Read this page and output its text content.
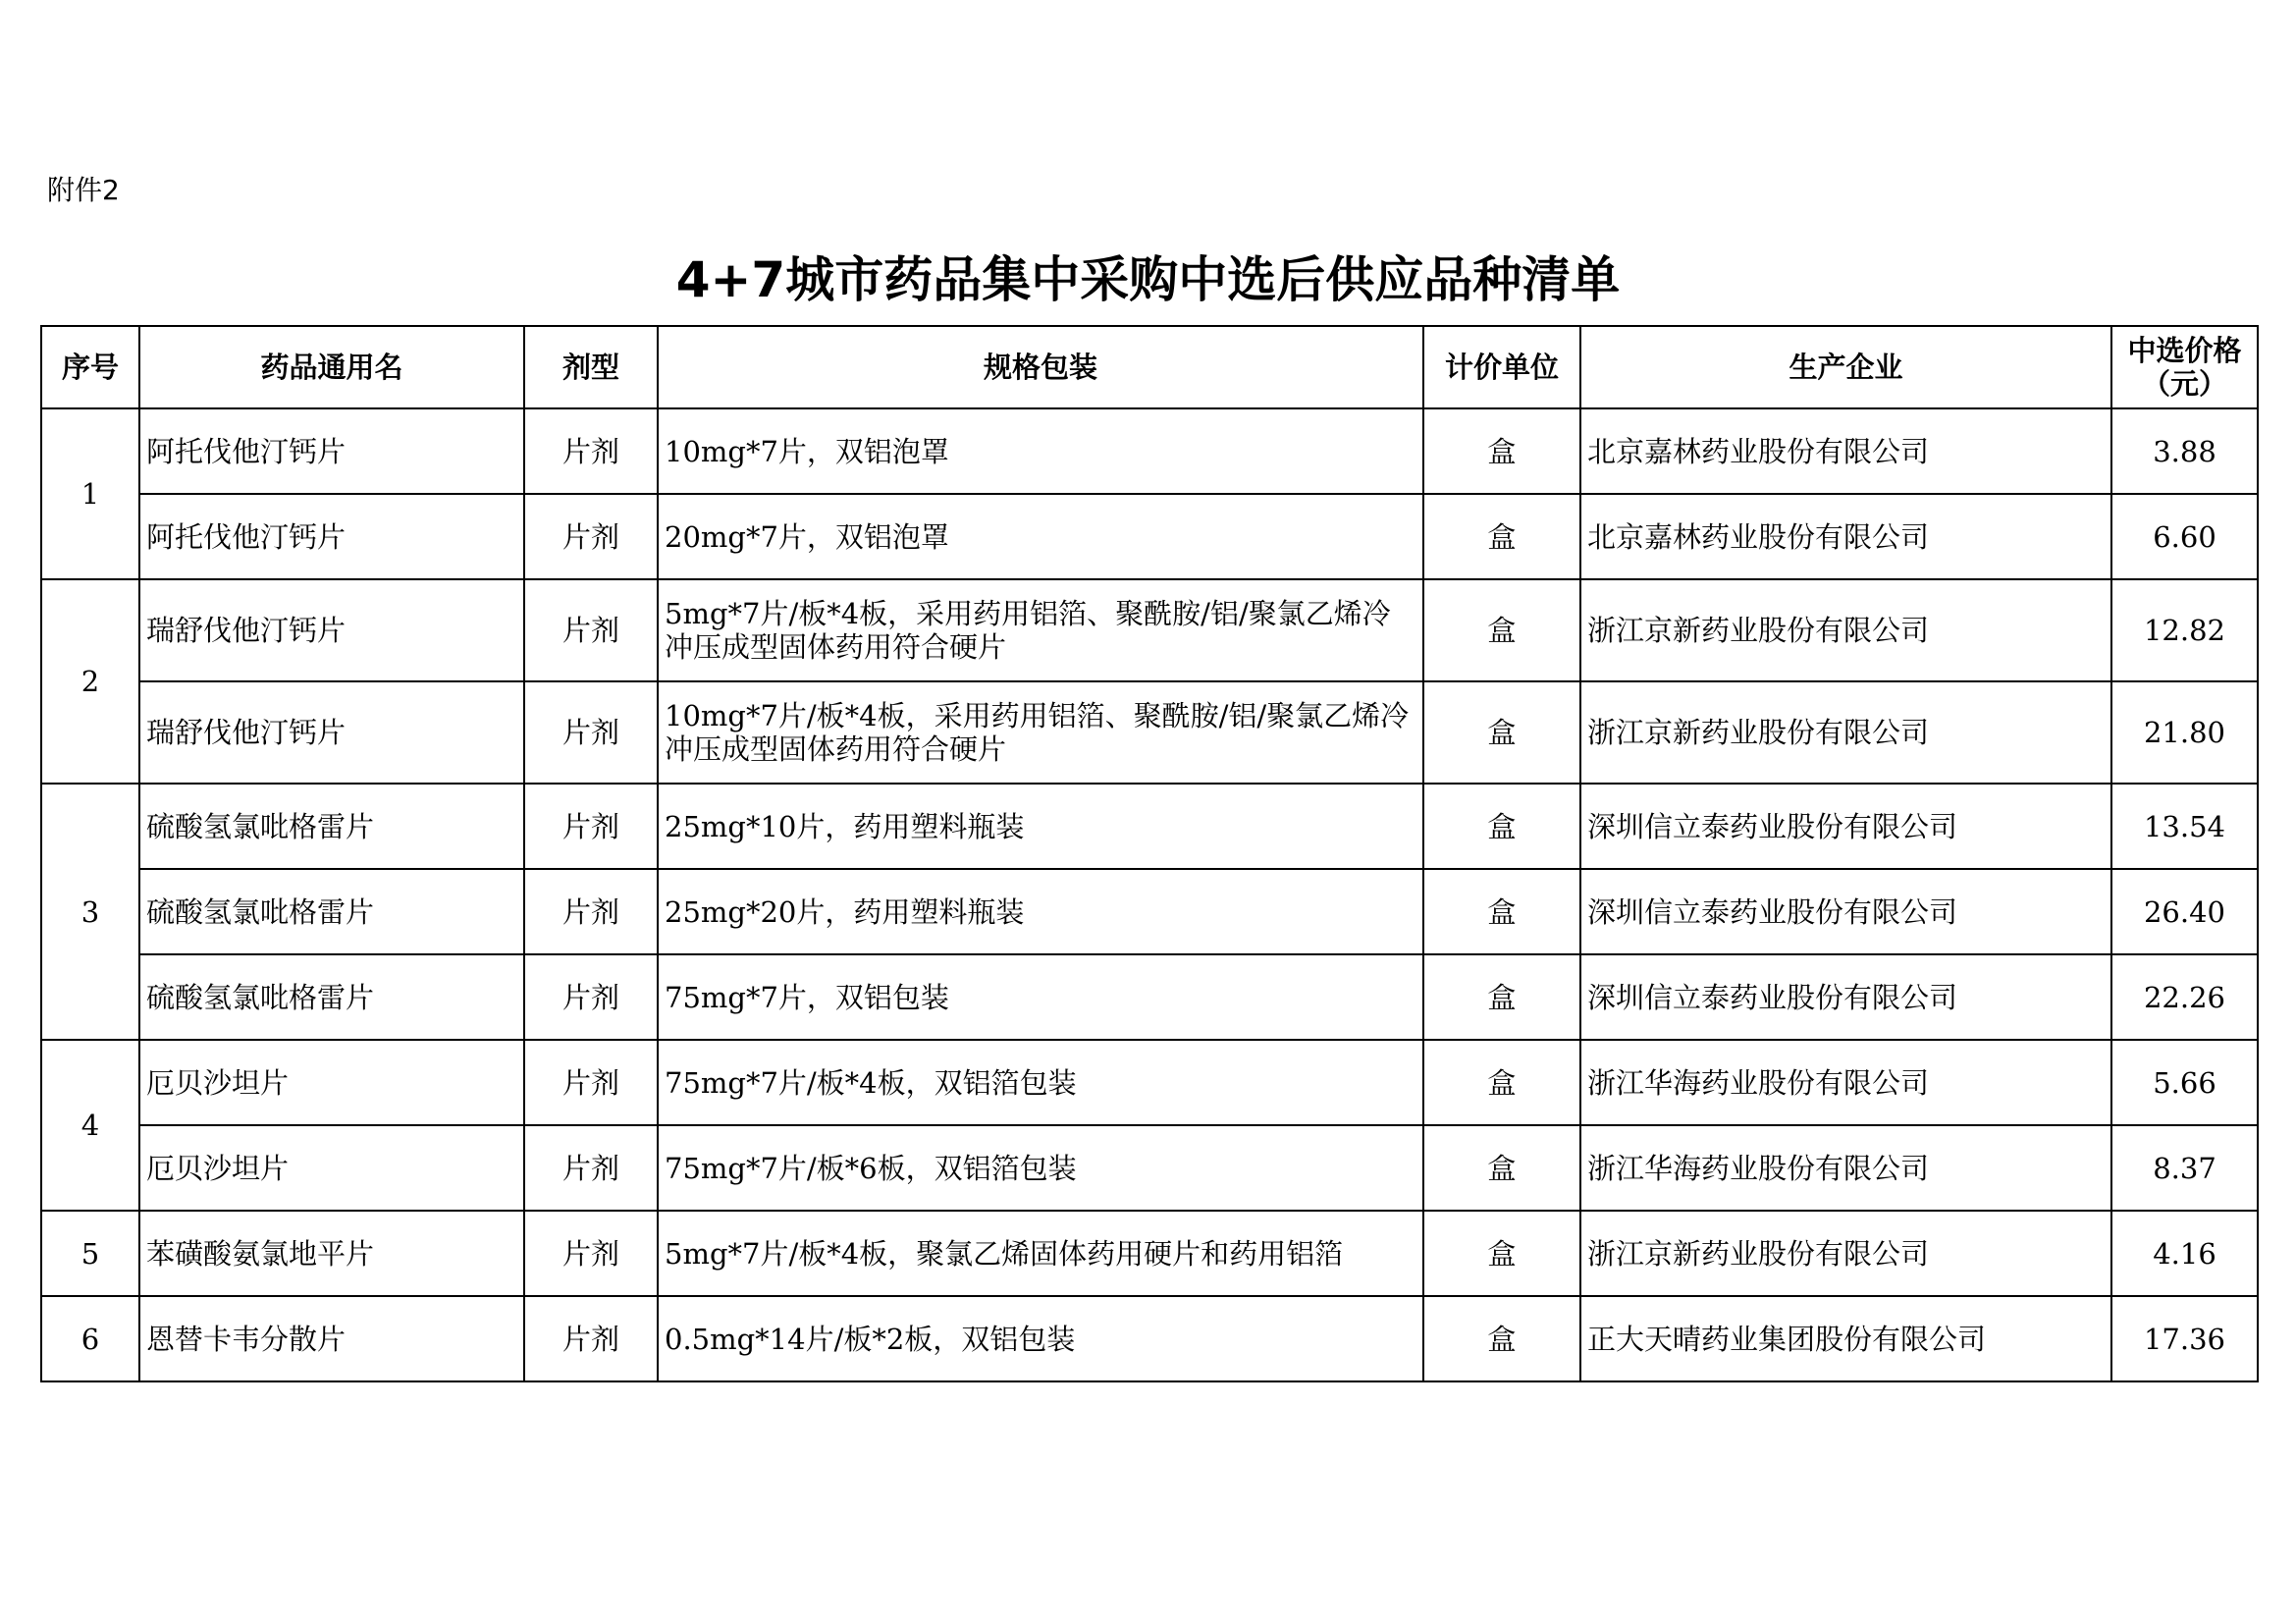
附件2
4+7城市药品集中采购中选后供应品种清单
序号	药品通用名	剂型	规格包装	计价单位	生产企业	中选价格
（元）

1	阿托伐他汀钙片	片剂	10mg*7片，双铝泡罩	盒	北京嘉林药业股份有限公司	3.88
	阿托伐他汀钙片	片剂	20mg*7片，双铝泡罩	盒	北京嘉林药业股份有限公司	6.60
2	瑞舒伐他汀钙片	片剂	5mg*7片/板*4板，采用药用铝箔、聚酰胺/铝/聚氯乙烯冷冲压成型固体药用符合硬片	盒	浙江京新药业股份有限公司	12.82
	瑞舒伐他汀钙片	片剂	10mg*7片/板*4板，采用药用铝箔、聚酰胺/铝/聚氯乙烯冷冲压成型固体药用符合硬片	盒	浙江京新药业股份有限公司	21.80
3	硫酸氢氯吡格雷片	片剂	25mg*10片，药用塑料瓶装	盒	深圳信立泰药业股份有限公司	13.54
	硫酸氢氯吡格雷片	片剂	25mg*20片，药用塑料瓶装	盒	深圳信立泰药业股份有限公司	26.40
	硫酸氢氯吡格雷片	片剂	75mg*7片，双铝包装	盒	深圳信立泰药业股份有限公司	22.26
4	厄贝沙坦片	片剂	75mg*7片/板*4板，双铝箔包装	盒	浙江华海药业股份有限公司	5.66
	厄贝沙坦片	片剂	75mg*7片/板*6板，双铝箔包装	盒	浙江华海药业股份有限公司	8.37
5	苯磺酸氨氯地平片	片剂	5mg*7片/板*4板，聚氯乙烯固体药用硬片和药用铝箔	盒	浙江京新药业股份有限公司	4.16
6	恩替卡韦分散片	片剂	0.5mg*14片/板*2板，双铝包装	盒	正大天晴药业集团股份有限公司	17.36
